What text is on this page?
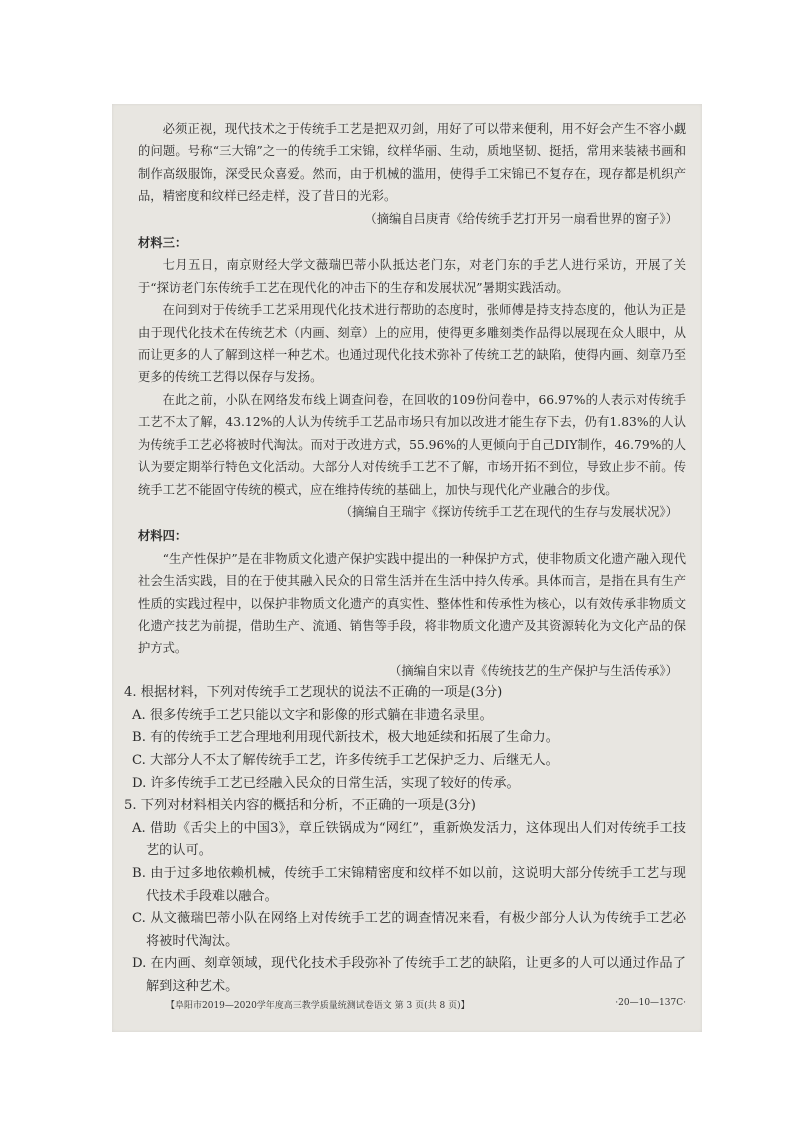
必须正视，现代技术之于传统手工艺是把双刃剑，用好了可以带来便利，用不好会产生不容小觑的问题。号称“三大锦”之一的传统手工宋锦，纹样华丽、生动，质地坚韧、挺括，常用来装裱书画和制作高级服饰，深受民众喜爱。然而，由于机械的滥用，使得手工宋锦已不复存在，现存都是机织产品，精密度和纹样已经走样，没了昔日的光彩。

（摘编自吕庚青《给传统手艺打开另一扇看世界的窗子》）

材料三：

七月五日，南京财经大学文薇瑞巴蒂小队抵达老门东，对老门东的手艺人进行采访，开展了关于“探访老门东传统手工艺在现代化的冲击下的生存和发展状况”暑期实践活动。

在问到对于传统手工艺采用现代化技术进行帮助的态度时，张师傅是持支持态度的，他认为正是由于现代化技术在传统艺术（内画、刻章）上的应用，使得更多雕刻类作品得以展现在众人眼中，从而让更多的人了解到这样一种艺术。也通过现代化技术弥补了传统工艺的缺陷，使得内画、刻章乃至更多的传统工艺得以保存与发扬。

在此之前，小队在网络发布线上调查问卷，在回收的109份问卷中，66.97%的人表示对传统手工艺不太了解，43.12%的人认为传统手工艺品市场只有加以改进才能生存下去，仍有1.83%的人认为传统手工艺必将被时代淘汰。而对于改进方式，55.96%的人更倾向于自己DIY制作，46.79%的人认为要定期举行特色文化活动。大部分人对传统手工艺不了解，市场开拓不到位，导致止步不前。传统手工艺不能固守传统的模式，应在维持传统的基础上，加快与现代化产业融合的步伐。

（摘编自王瑞宇《探访传统手工艺在现代的生存与发展状况》）

材料四：

“生产性保护”是在非物质文化遗产保护实践中提出的一种保护方式，使非物质文化遗产融入现代社会生活实践，目的在于使其融入民众的日常生活并在生活中持久传承。具体而言，是指在具有生产性质的实践过程中，以保护非物质文化遗产的真实性、整体性和传承性为核心，以有效传承非物质文化遗产技艺为前提，借助生产、流通、销售等手段，将非物质文化遗产及其资源转化为文化产品的保护方式。

（摘编自宋以青《传统技艺的生产保护与生活传承》）

4. 根据材料，下列对传统手工艺现状的说法不正确的一项是(3分)

A. 很多传统手工艺只能以文字和影像的形式躺在非遗名录里。

B. 有的传统手工艺合理地利用现代新技术，极大地延续和拓展了生命力。

C. 大部分人不太了解传统手工艺，许多传统手工艺保护乏力、后继无人。

D. 许多传统手工艺已经融入民众的日常生活，实现了较好的传承。

5. 下列对材料相关内容的概括和分析，不正确的一项是(3分)

A. 借助《舌尖上的中国3》，章丘铁锅成为“网红”，重新焕发活力，这体现出人们对传统手工技艺的认可。

B. 由于过多地依赖机械，传统手工宋锦精密度和纹样不如以前，这说明大部分传统手工艺与现代技术手段难以融合。

C. 从文薇瑞巴蒂小队在网络上对传统手工艺的调查情况来看，有极少部分人认为传统手工艺必将被时代淘汰。

D. 在内画、刻章领域，现代化技术手段弥补了传统手工艺的缺陷，让更多的人可以通过作品了解到这种艺术。

【阜阳市2019—2020学年度高三教学质量统测试卷语文 第 3 页(共 8 页)】	·20—10—137C·
